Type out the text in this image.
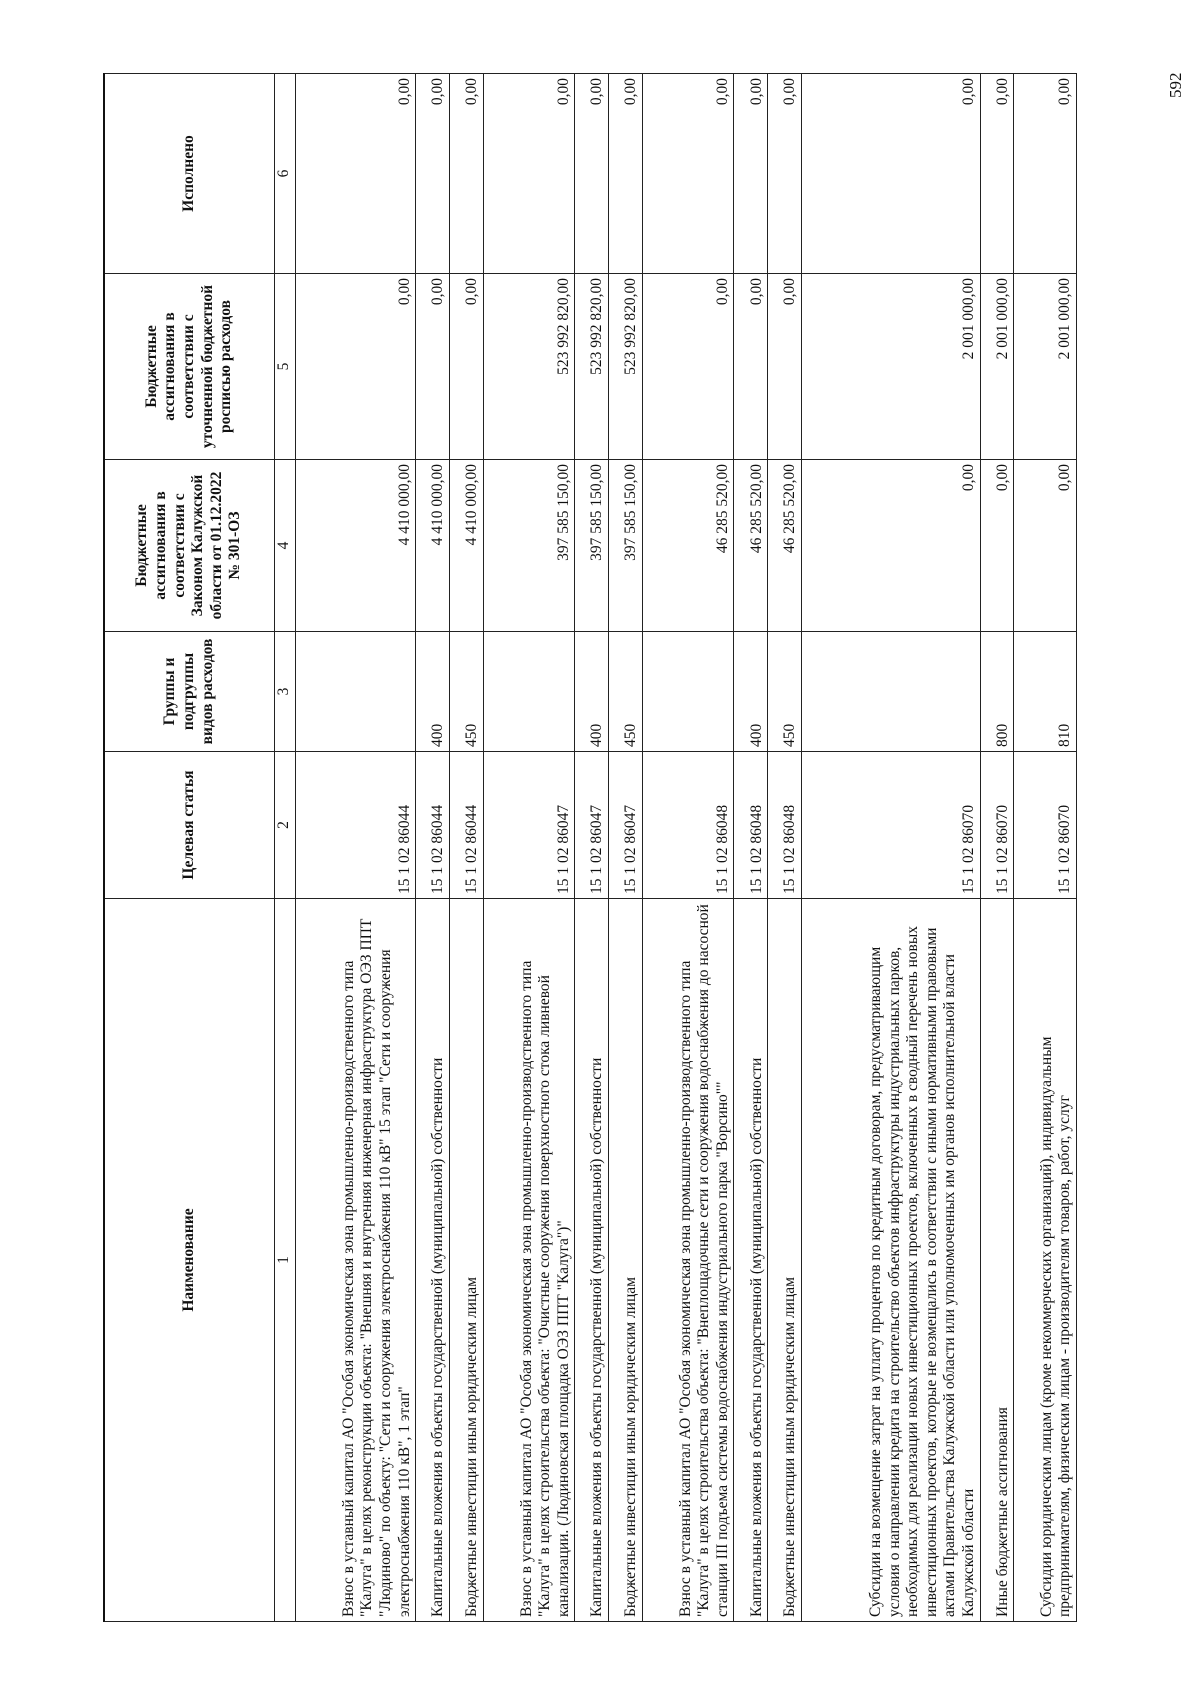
592
Наименование	Целевая статья	Группы и подгруппы видов расходов	Бюджетные ассигнования в соответствии с Законом Калужской области от 01.12.2022 № 301-ОЗ	Бюджетные ассигнования в соответствии с уточненной бюджетной росписью расходов	Исполнено
1	2	3	4	5	6
Взнос в уставный капитал АО "Особая экономическая зона промышленно-производственного типа "Калуга" в целях реконструкции объекта: "Внешняя и внутренняя инженерная инфраструктура ОЭЗ ППТ "Людиново" по объекту: "Сети и сооружения электроснабжения 110 кВ" 15 этап "Сети и сооружения электроснабжения 110 кВ", 1 этап"	15 1 02 86044		4 410 000,00	0,00	0,00
Капитальные вложения в объекты государственной (муниципальной) собственности	15 1 02 86044	400	4 410 000,00	0,00	0,00
Бюджетные инвестиции иным юридическим лицам	15 1 02 86044	450	4 410 000,00	0,00	0,00
Взнос в уставный капитал АО "Особая экономическая зона промышленно-производственного типа "Калуга" в целях строительства объекта: "Очистные сооружения поверхностного стока ливневой канализации. (Людиновская площадка ОЭЗ ППТ "Калуга")"	15 1 02 86047		397 585 150,00	523 992 820,00	0,00
Капитальные вложения в объекты государственной (муниципальной) собственности	15 1 02 86047	400	397 585 150,00	523 992 820,00	0,00
Бюджетные инвестиции иным юридическим лицам	15 1 02 86047	450	397 585 150,00	523 992 820,00	0,00
Взнос в уставный капитал АО "Особая экономическая зона промышленно-производственного типа "Калуга" в целях строительства объекта: "Внеплощадочные сети и сооружения водоснабжения до насосной станции III подъема системы водоснабжения индустриального парка "Ворсино""	15 1 02 86048		46 285 520,00	0,00	0,00
Капитальные вложения в объекты государственной (муниципальной) собственности	15 1 02 86048	400	46 285 520,00	0,00	0,00
Бюджетные инвестиции иным юридическим лицам	15 1 02 86048	450	46 285 520,00	0,00	0,00
Субсидии на возмещение затрат на уплату процентов по кредитным договорам, предусматривающим условия о направлении кредита на строительство объектов инфраструктуры индустриальных парков, необходимых для реализации новых инвестиционных проектов, включенных в сводный перечень новых инвестиционных проектов, которые не возмещались в соответствии с иными нормативными правовыми актами Правительства Калужской области или уполномоченных им органов исполнительной власти Калужской области	15 1 02 86070		0,00	2 001 000,00	0,00
Иные бюджетные ассигнования	15 1 02 86070	800	0,00	2 001 000,00	0,00
Субсидии юридическим лицам (кроме некоммерческих организаций), индивидуальным предпринимателям, физическим лицам - производителям товаров, работ, услуг	15 1 02 86070	810	0,00	2 001 000,00	0,00
